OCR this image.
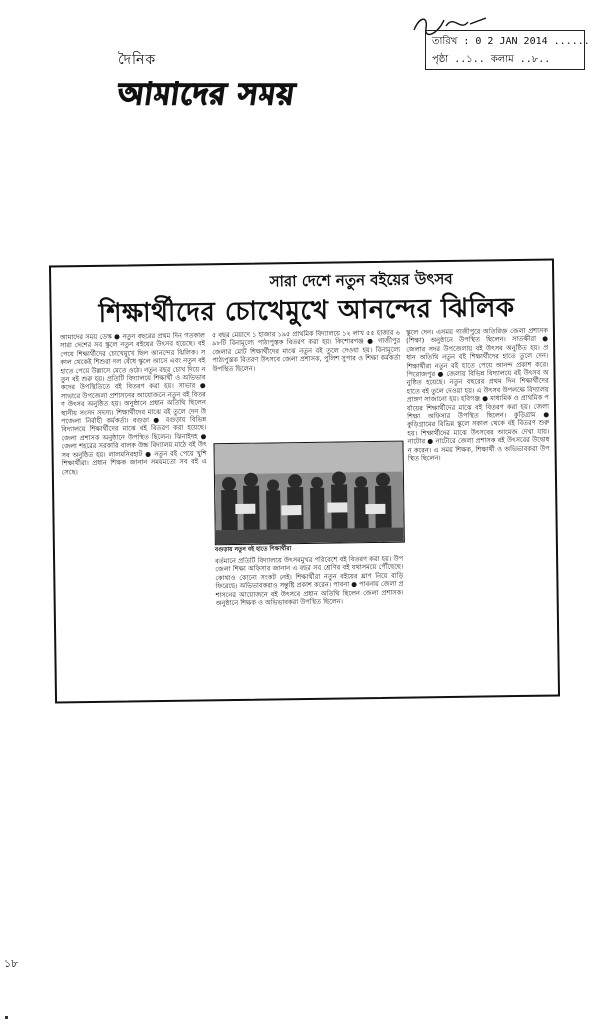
দৈনিক
আমাদের সময়
তারিখ : 0 2 JAN 2014 ......
পৃষ্ঠা ..১.. কলাম ..৮..
সারা দেশে নতুন বইয়ের উৎসব
শিক্ষার্থীদের চোখেমুখে আনন্দের ঝিলিক
আমাদের সময় ডেস্ক ● নতুন বছরের প্রথম দিন গতকাল সারা দেশের সব স্কুলে নতুন বইয়ের উৎসব হয়েছে। বই পেয়ে শিক্ষার্থীদের চোখেমুখে ছিল আনন্দের ঝিলিক। সকাল থেকেই শিশুরা দল বেঁধে স্কুলে আসে এবং নতুন বই হাতে পেয়ে উল্লাসে মেতে ওঠে। নতুন বছর চোখ দিয়ে নতুন বই শুরু হয়। প্রতিটি বিদ্যালয়ে শিক্ষার্থী ও অভিভাবকদের উপস্থিতিতে বই বিতরণ করা হয়। সাভার ● সাভারে উপজেলা প্রশাসনের আয়োজনে নতুন বই বিতরণ উৎসব অনুষ্ঠিত হয়। অনুষ্ঠানে প্রধান অতিথি ছিলেন স্থানীয় সংসদ সদস্য। শিক্ষার্থীদের মাঝে বই তুলে দেন উপজেলা নির্বাহী কর্মকর্তা। বগুড়া ● বগুড়ায় বিভিন্ন বিদ্যালয়ে শিক্ষার্থীদের মাঝে বই বিতরণ করা হয়েছে। জেলা প্রশাসক অনুষ্ঠানে উপস্থিত ছিলেন। ঝিনাইদহ ● জেলা শহরের সরকারি বালক উচ্চ বিদ্যালয় মাঠে বই উৎসব অনুষ্ঠিত হয়। লালমনিরহাট ● নতুন বই পেয়ে খুশি শিক্ষার্থীরা। প্রধান শিক্ষক জানান সময়মতো সব বই এসেছে।
৫ বছর মেয়াদে ১ হাজার ১৯৫ প্রাথমিক বিদ্যালয়ে ১২ লাখ ৫৫ হাজার ৬৯৮টি বিনামূল্যে পাঠ্যপুস্তক বিতরণ করা হয়। কিশোরগঞ্জ ● গাজীপুর জেলার মোট শিক্ষার্থীদের মাঝে নতুন বই তুলে দেওয়া হয়। বিনামূল্যে পাঠ্যপুস্তক বিতরণ উৎসবে জেলা প্রশাসক, পুলিশ সুপার ও শিক্ষা কর্মকর্তা উপস্থিত ছিলেন।
বগুড়ায় নতুন বই হাতে শিক্ষার্থীরা
বর্তমানে প্রতিটি বিদ্যালয়ে উৎসবমুখর পরিবেশে বই বিতরণ করা হয়। উপজেলা শিক্ষা অফিসার জানান এ বছর সব শ্রেণির বই যথাসময়ে পৌঁছেছে। কোথাও কোনো সংকট নেই। শিক্ষার্থীরা নতুন বইয়ের ঘ্রাণ নিয়ে বাড়ি ফিরেছে। অভিভাবকরাও সন্তুষ্টি প্রকাশ করেন। পাবনা ● পাবনায় জেলা প্রশাসনের আয়োজনে বই উৎসবে প্রধান অতিথি ছিলেন জেলা প্রশাসক। অনুষ্ঠানে শিক্ষক ও অভিভাবকরা উপস্থিত ছিলেন।
স্কুলে দেন। এসময় গাজীপুরে অতিরিক্ত জেলা প্রশাসক (শিক্ষা) অনুষ্ঠানে উপস্থিত ছিলেন। সাতক্ষীরা ● জেলার সদর উপজেলায় বই উৎসব অনুষ্ঠিত হয়। প্রধান অতিথি নতুন বই শিক্ষার্থীদের হাতে তুলে দেন। শিক্ষার্থীরা নতুন বই হাতে পেয়ে আনন্দ প্রকাশ করে। পিরোজপুর ● জেলায় বিভিন্ন বিদ্যালয়ে বই উৎসব অনুষ্ঠিত হয়েছে। নতুন বছরের প্রথম দিন শিক্ষার্থীদের হাতে বই তুলে দেওয়া হয়। এ উৎসব উপলক্ষে বিদ্যালয় প্রাঙ্গণ সাজানো হয়। হবিগঞ্জ ● মাধ্যমিক ও প্রাথমিক পর্যায়ের শিক্ষার্থীদের মাঝে বই বিতরণ করা হয়। জেলা শিক্ষা অফিসার উপস্থিত ছিলেন। কুড়িগ্রাম ● কুড়িগ্রামের বিভিন্ন স্কুলে সকাল থেকে বই বিতরণ শুরু হয়। শিক্ষার্থীদের মাঝে উৎসবের আমেজ দেখা যায়। নাটোর ● নাটোরে জেলা প্রশাসক বই উৎসবের উদ্বোধন করেন। এ সময় শিক্ষক, শিক্ষার্থী ও অভিভাবকরা উপস্থিত ছিলেন।
১৮
